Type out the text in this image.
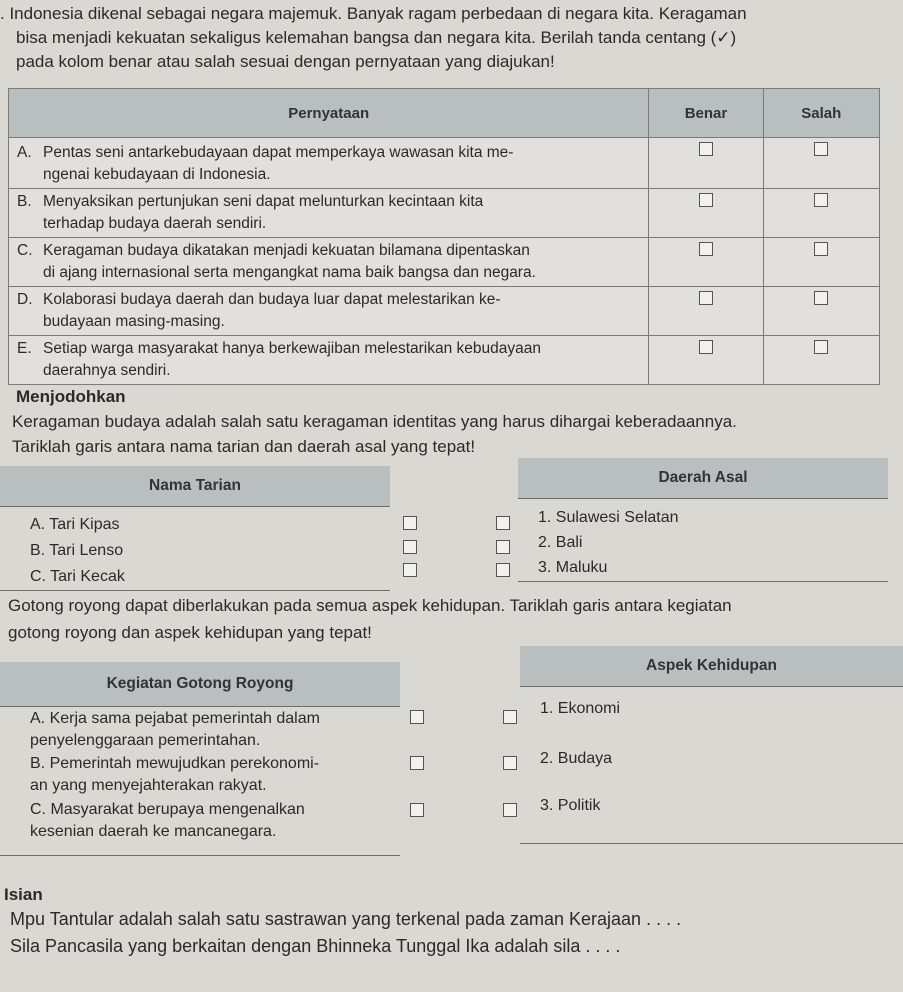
. Indonesia dikenal sebagai negara majemuk. Banyak ragam perbedaan di negara kita. Keragaman
bisa menjadi kekuatan sekaligus kelemahan bangsa dan negara kita. Berilah tanda centang (✓)
pada kolom benar atau salah sesuai dengan pernyataan yang diajukan!
Pernyataan	Benar	Salah

A. Pentas seni antarkebudayaan dapat memperkaya wawasan kita me-
ngenai kebudayaan di Indonesia.		

B. Menyaksikan pertunjukan seni dapat melunturkan kecintaan kita
terhadap budaya daerah sendiri.		

C. Keragaman budaya dikatakan menjadi kekuatan bilamana dipentaskan
di ajang internasional serta mengangkat nama baik bangsa dan negara.		

D. Kolaborasi budaya daerah dan budaya luar dapat melestarikan ke-
budayaan masing-masing.		

E. Setiap warga masyarakat hanya berkewajiban melestarikan kebudayaan
daerahnya sendiri.		

Menjodohkan
Keragaman budaya adalah salah satu keragaman identitas yang harus dihargai keberadaannya.
Tariklah garis antara nama tarian dan daerah asal yang tepat!
Nama Tarian
A. Tari Kipas
B. Tari Lenso
C. Tari Kecak
Daerah Asal
1. Sulawesi Selatan
2. Bali
3. Maluku
Gotong royong dapat diberlakukan pada semua aspek kehidupan. Tariklah garis antara kegiatan
gotong royong dan aspek kehidupan yang tepat!
Kegiatan Gotong Royong
A. Kerja sama pejabat pemerintah dalam
penyelenggaraan pemerintahan.
B. Pemerintah mewujudkan perekonomi-
an yang menyejahterakan rakyat.
C. Masyarakat berupaya mengenalkan
kesenian daerah ke mancanegara.
Aspek Kehidupan
1. Ekonomi
2. Budaya
3. Politik
Isian
Mpu Tantular adalah salah satu sastrawan yang terkenal pada zaman Kerajaan . . . .
Sila Pancasila yang berkaitan dengan Bhinneka Tunggal Ika adalah sila . . . .
